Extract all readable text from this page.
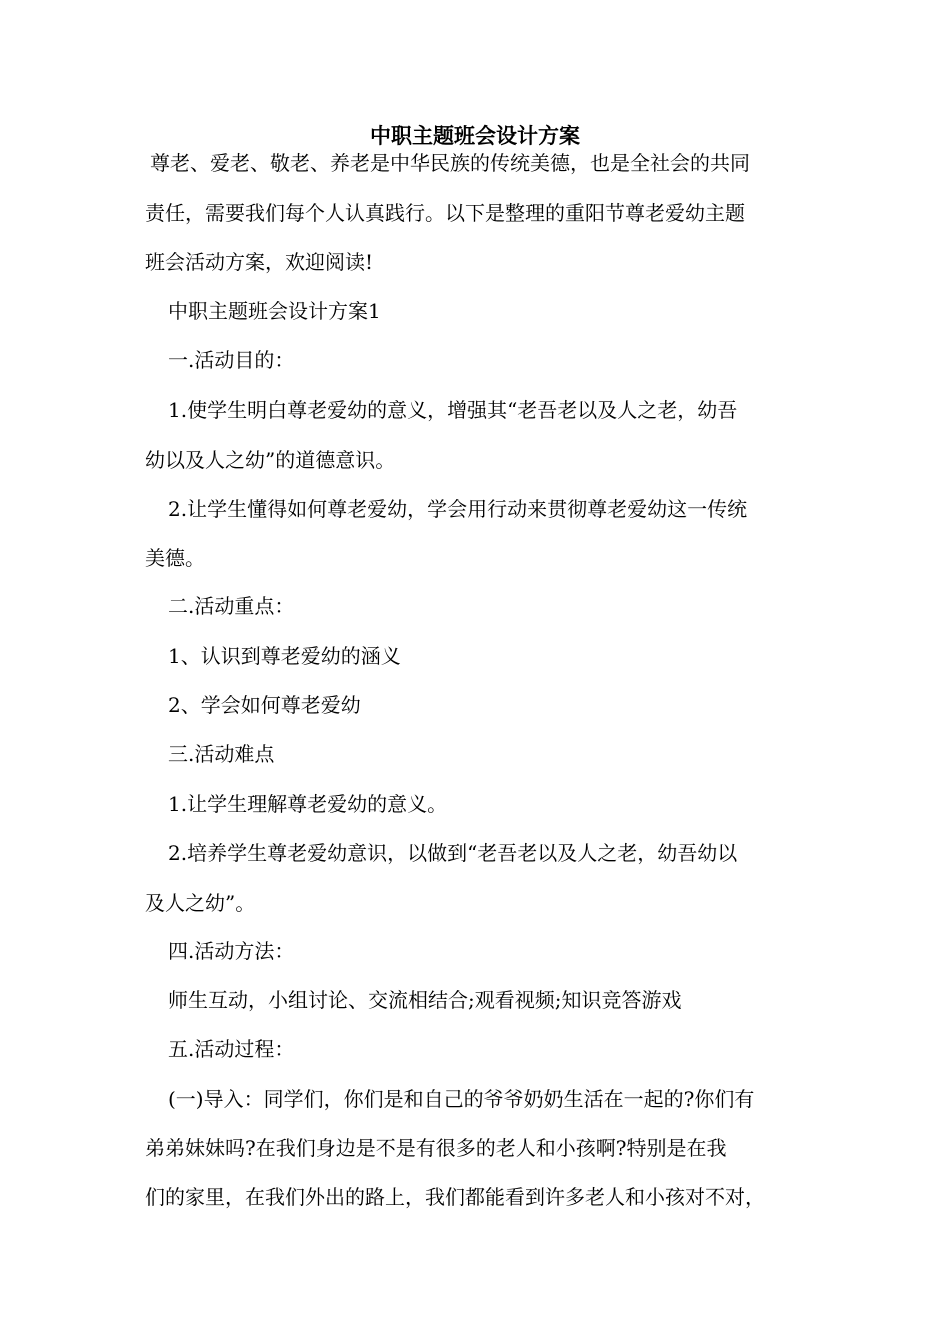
中职主题班会设计方案
尊老、爱老、敬老、养老是中华民族的传统美德，也是全社会的共同
责任，需要我们每个人认真践行。以下是整理的重阳节尊老爱幼主题
班会活动方案，欢迎阅读!
中职主题班会设计方案1
一.活动目的：
1.使学生明白尊老爱幼的意义，增强其“老吾老以及人之老，幼吾
幼以及人之幼”的道德意识。
2.让学生懂得如何尊老爱幼，学会用行动来贯彻尊老爱幼这一传统
美德。
二.活动重点：
1、认识到尊老爱幼的涵义
2、学会如何尊老爱幼
三.活动难点
1.让学生理解尊老爱幼的意义。
2.培养学生尊老爱幼意识，以做到“老吾老以及人之老，幼吾幼以
及人之幼”。
四.活动方法：
师生互动，小组讨论、交流相结合;观看视频;知识竞答游戏
五.活动过程：
(一)导入：同学们，你们是和自己的爷爷奶奶生活在一起的?你们有
弟弟妹妹吗?在我们身边是不是有很多的老人和小孩啊?特别是在我
们的家里，在我们外出的路上，我们都能看到许多老人和小孩对不对，
